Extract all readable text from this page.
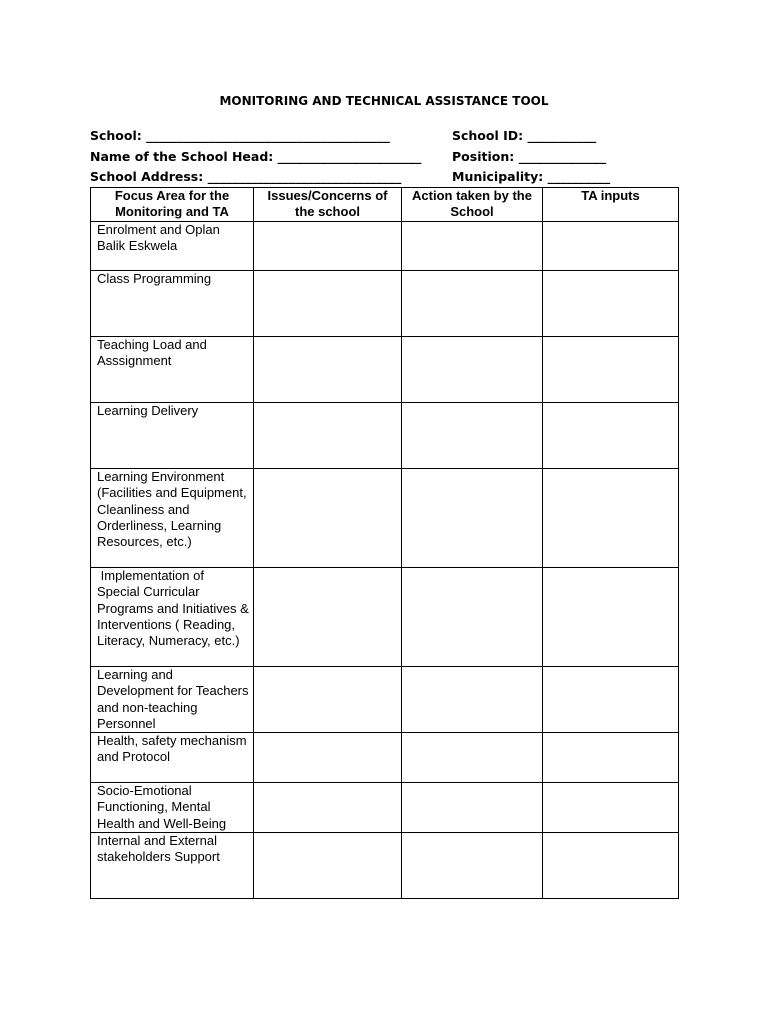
MONITORING AND TECHNICAL ASSISTANCE TOOL
School: _______________________________________	School ID: ___________
Name of the School Head: _______________________ Position: ______________
School Address: _______________________________	Municipality: __________
Focus Area for the Monitoring and TA	Issues/Concerns of the school	Action taken by the School	TA inputs
Enrolment and Oplan Balik Eskwela			
Class Programming			
Teaching Load and Asssignment			
Learning Delivery			
Learning Environment (Facilities and Equipment, Cleanliness and Orderliness, Learning Resources, etc.)			
Implementation of Special Curricular Programs and Initiatives & Interventions ( Reading, Literacy, Numeracy, etc.)			
Learning and Development for Teachers and non-teaching Personnel			
Health, safety mechanism and Protocol			
Socio-Emotional Functioning, Mental Health and Well-Being			
Internal and External stakeholders Support			
